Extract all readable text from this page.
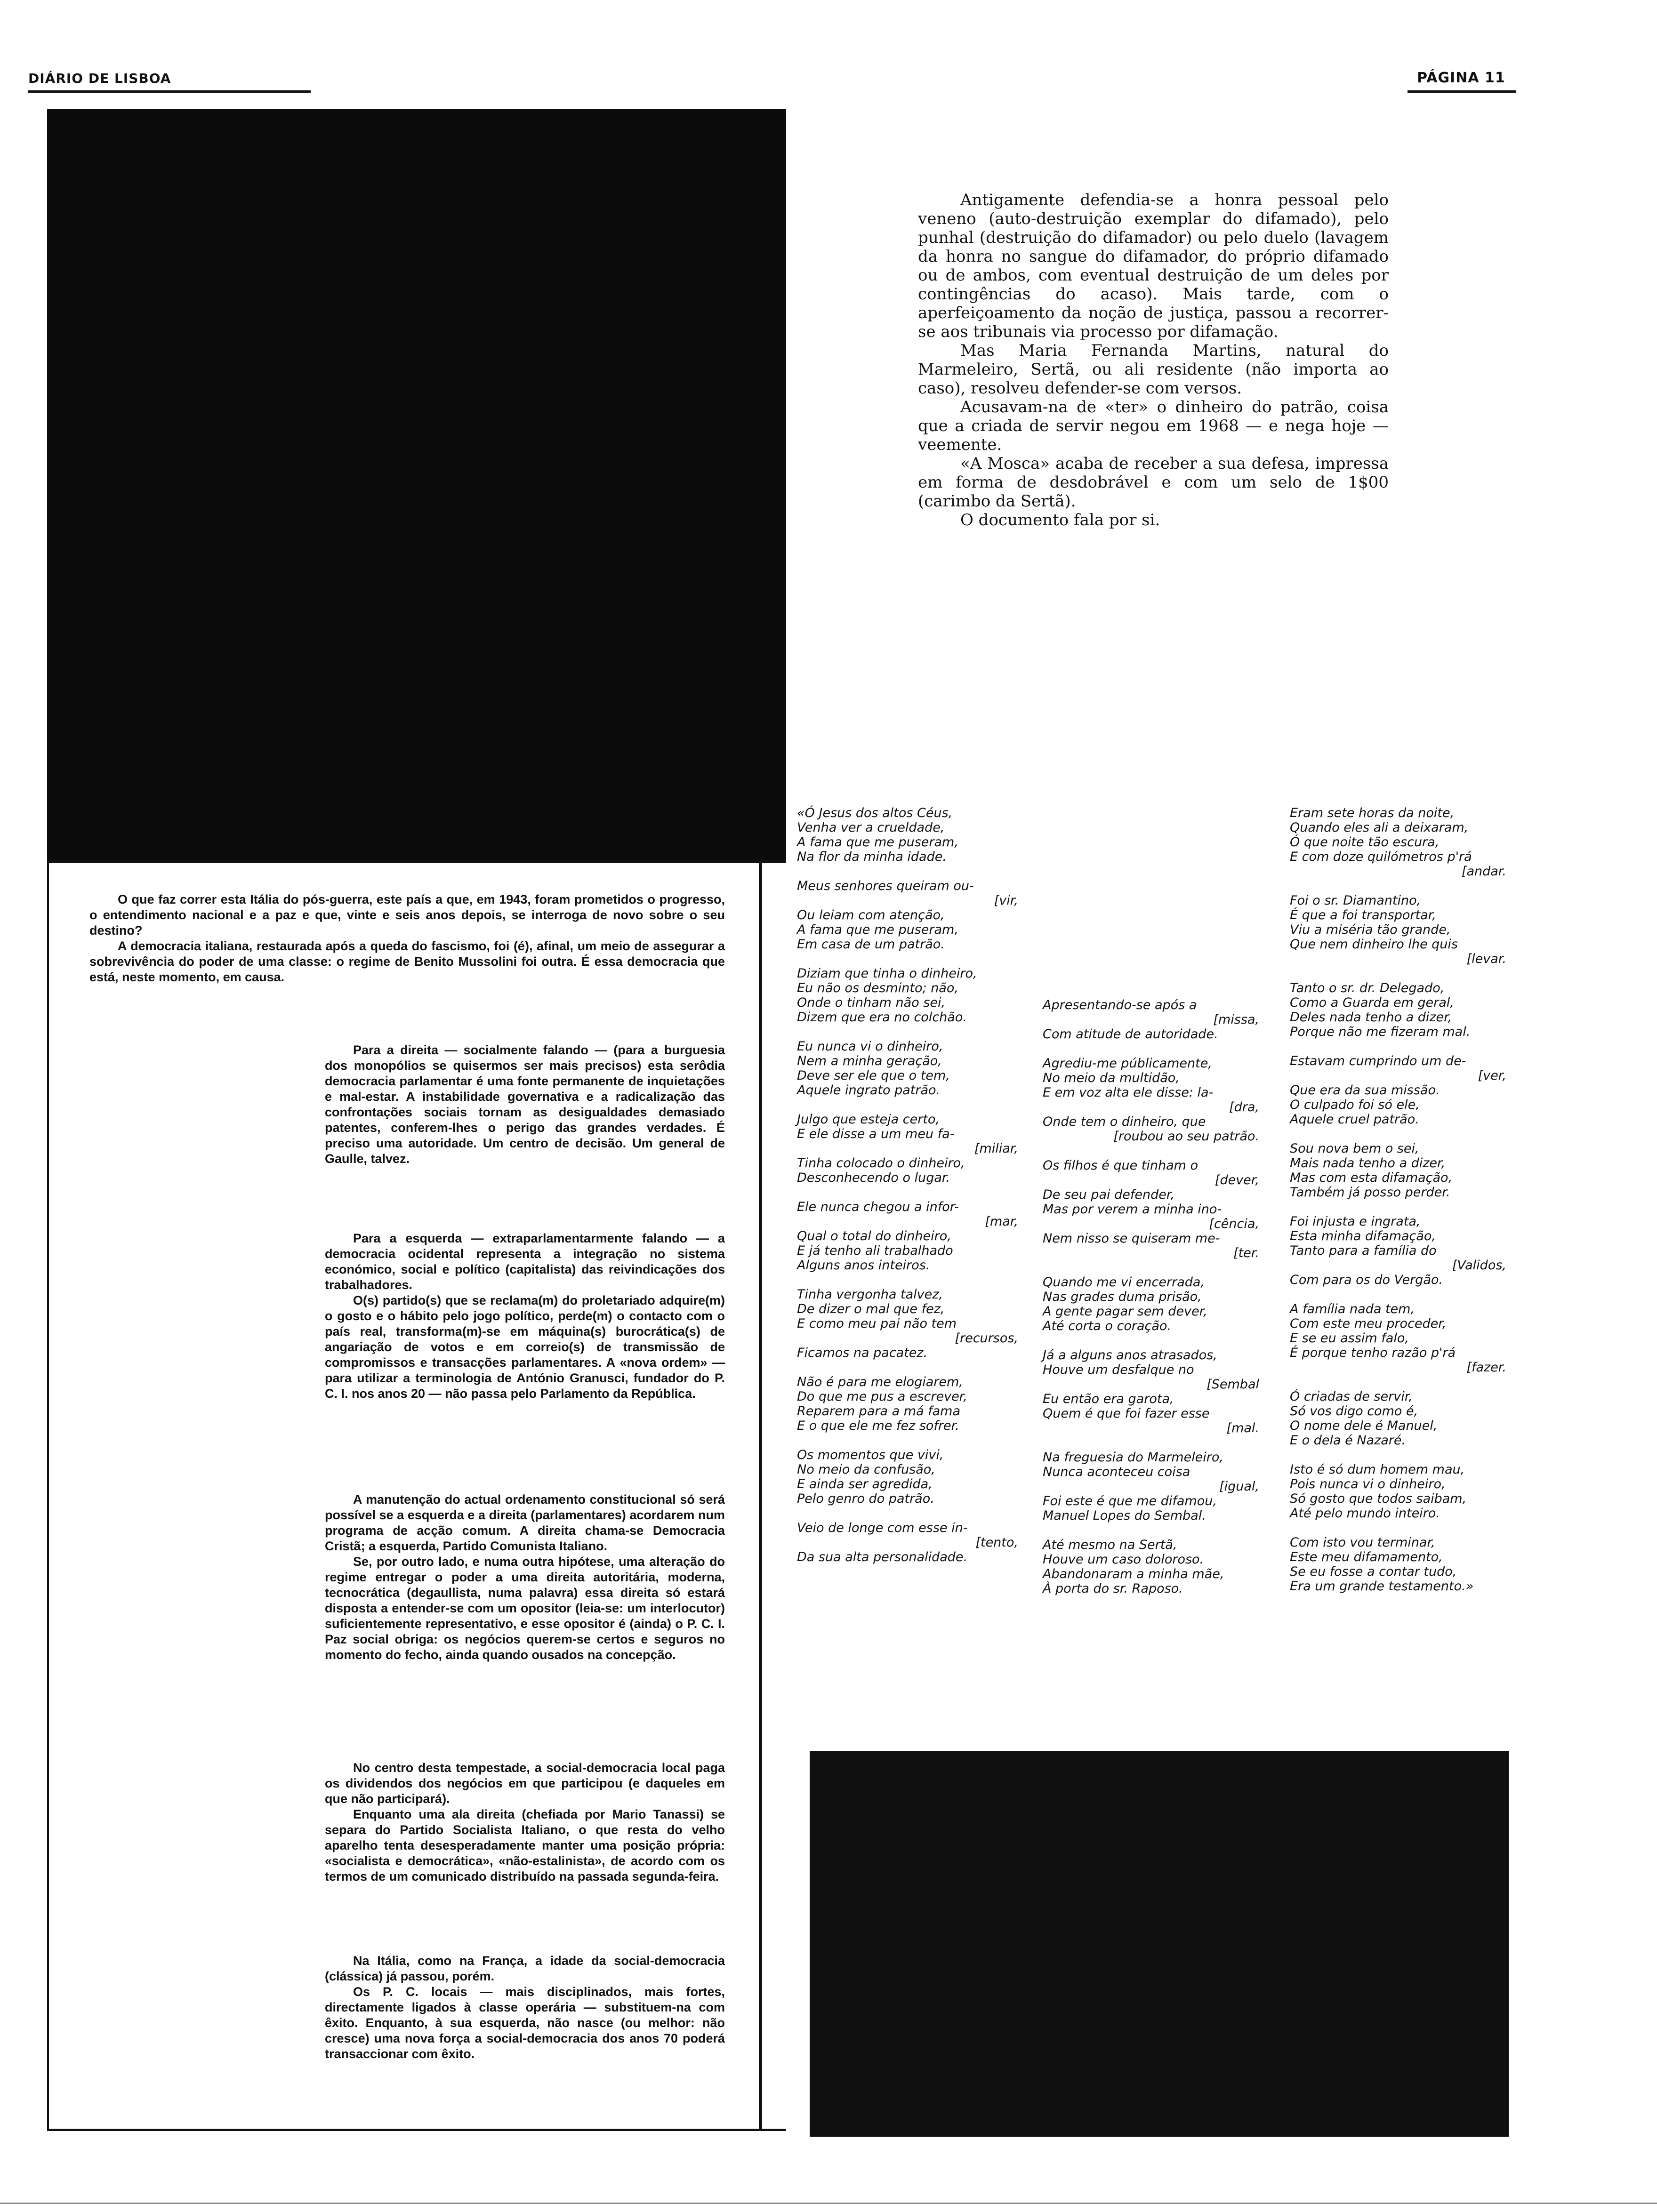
DIÁRIO DE LISBOA	PÁGINA 11

Antigamente defendia-se a honra pessoal pelo veneno (auto-destruição exemplar do difamado), pelo punhal (destruição do difamador) ou pelo duelo (lavagem da honra no sangue do difamador, do próprio difamado ou de ambos, com eventual destruição de um deles por contingências do acaso). Mais tarde, com o aperfeiçoamento da noção de justiça, passou a recorrer-se aos tribunais via processo por difamação.

Mas Maria Fernanda Martins, natural do Marmeleiro, Sertã, ou ali residente (não importa ao caso), resolveu defender-se com versos.

Acusavam-na de «ter» o dinheiro do patrão, coisa que a criada de servir negou em 1968 — e nega hoje — veemente.

«A Mosca» acaba de receber a sua defesa, impressa em forma de desdobrável e com um selo de 1$00 (carimbo da Sertã).

O documento fala por si.

O que faz correr esta Itália do pós-guerra, este país a que, em 1943, foram prometidos o progresso, o entendimento nacional e a paz e que, vinte e seis anos depois, se interroga de novo sobre o seu destino?

A democracia italiana, restaurada após a queda do fascismo, foi (é), afinal, um meio de assegurar a sobrevivência do poder de uma classe: o regime de Benito Mussolini foi outra. É essa democracia que está, neste momento, em causa.

Para a direita — socialmente falando — (para a burguesia dos monopólios se quisermos ser mais precisos) esta serôdia democracia parlamentar é uma fonte permanente de inquietações e mal-estar. A instabilidade governativa e a radicalização das confrontações sociais tornam as desigualdades demasiado patentes, conferem-lhes o perigo das grandes verdades. É preciso uma autoridade. Um centro de decisão. Um general de Gaulle, talvez.

Para a esquerda — extraparlamentarmente falando — a democracia ocidental representa a integração no sistema económico, social e político (capitalista) das reivindicações dos trabalhadores.

O(s) partido(s) que se reclama(m) do proletariado adquire(m) o gosto e o hábito pelo jogo político, perde(m) o contacto com o país real, transforma(m)-se em máquina(s) burocrática(s) de angariação de votos e em correio(s) de transmissão de compromissos e transacções parlamentares. A «nova ordem» — para utilizar a terminologia de António Granusci, fundador do P. C. I. nos anos 20 — não passa pelo Parlamento da República.

A manutenção do actual ordenamento constitucional só será possível se a esquerda e a direita (parlamentares) acordarem num programa de acção comum. A direita chama-se Democracia Cristã; a esquerda, Partido Comunista Italiano.

Se, por outro lado, e numa outra hipótese, uma alteração do regime entregar o poder a uma direita autoritária, moderna, tecnocrática (degaullista, numa palavra) essa direita só estará disposta a entender-se com um opositor (leia-se: um interlocutor) suficientemente representativo, e esse opositor é (ainda) o P. C. I. Paz social obriga: os negócios querem-se certos e seguros no momento do fecho, ainda quando ousados na concepção.

No centro desta tempestade, a social-democracia local paga os dividendos dos negócios em que participou (e daqueles em que não participará).

Enquanto uma ala direita (chefiada por Mario Tanassi) se separa do Partido Socialista Italiano, o que resta do velho aparelho tenta desesperadamente manter uma posição própria: «socialista e democrática», «não-estalinista», de acordo com os termos de um comunicado distribuído na passada segunda-feira.

Na Itália, como na França, a idade da social-democracia (clássica) já passou, porém.

Os P. C. locais — mais disciplinados, mais fortes, directamente ligados à classe operária — substituem-na com êxito. Enquanto, à sua esquerda, não nasce (ou melhor: não cresce) uma nova força a social-democracia dos anos 70 poderá transaccionar com êxito.

«Ó Jesus dos altos Céus,
Venha ver a crueldade,
A fama que me puseram,
Na flor da minha idade.
Meus senhores queiram ou-
[vir,
Ou leiam com atenção,
A fama que me puseram,
Em casa de um patrão.
Diziam que tinha o dinheiro,
Eu não os desminto; não,
Onde o tinham não sei,
Dizem que era no colchão.
Eu nunca vi o dinheiro,
Nem a minha geração,
Deve ser ele que o tem,
Aquele ingrato patrão.
Julgo que esteja certo,
E ele disse a um meu fa-
[miliar,
Tinha colocado o dinheiro,
Desconhecendo o lugar.
Ele nunca chegou a infor-
[mar,
Qual o total do dinheiro,
E já tenho ali trabalhado
Alguns anos inteiros.
Tinha vergonha talvez,
De dizer o mal que fez,
E como meu pai não tem
[recursos,
Ficamos na pacatez.
Não é para me elogiarem,
Do que me pus a escrever,
Reparem para a má fama
E o que ele me fez sofrer.
Os momentos que vivi,
No meio da confusão,
E ainda ser agredida,
Pelo genro do patrão.
Veio de longe com esse in-
[tento,
Da sua alta personalidade.
Apresentando-se após a
[missa,
Com atitude de autoridade.
Agrediu-me públicamente,
No meio da multidão,
E em voz alta ele disse: la-
[dra,
Onde tem o dinheiro, que
[roubou ao seu patrão.
Os filhos é que tinham o
[dever,
De seu pai defender,
Mas por verem a minha ino-
[cência,
Nem nisso se quiseram me-
[ter.
Quando me vi encerrada,
Nas grades duma prisão,
A gente pagar sem dever,
Até corta o coração.
Já a alguns anos atrasados,
Houve um desfalque no
[Sembal
Eu então era garota,
Quem é que foi fazer esse
[mal.
Na freguesia do Marmeleiro,
Nunca aconteceu coisa
[igual,
Foi este é que me difamou,
Manuel Lopes do Sembal.
Até mesmo na Sertã,
Houve um caso doloroso.
Abandonaram a minha mãe,
À porta do sr. Raposo.
Eram sete horas da noite,
Quando eles ali a deixaram,
Ó que noite tão escura,
E com doze quilómetros p'rá
[andar.
Foi o sr. Diamantino,
É que a foi transportar,
Viu a miséria tão grande,
Que nem dinheiro lhe quis
[levar.
Tanto o sr. dr. Delegado,
Como a Guarda em geral,
Deles nada tenho a dizer,
Porque não me fizeram mal.
Estavam cumprindo um de-
[ver,
Que era da sua missão.
O culpado foi só ele,
Aquele cruel patrão.
Sou nova bem o sei,
Mais nada tenho a dizer,
Mas com esta difamação,
Também já posso perder.
Foi injusta e ingrata,
Esta minha difamação,
Tanto para a família do
[Validos,
Com para os do Vergão.
A família nada tem,
Com este meu proceder,
E se eu assim falo,
É porque tenho razão p'rá
[fazer.
Ó criadas de servir,
Só vos digo como é,
O nome dele é Manuel,
E o dela é Nazaré.
Isto é só dum homem mau,
Pois nunca vi o dinheiro,
Só gosto que todos saibam,
Até pelo mundo inteiro.
Com isto vou terminar,
Este meu difamamento,
Se eu fosse a contar tudo,
Era um grande testamento.»
